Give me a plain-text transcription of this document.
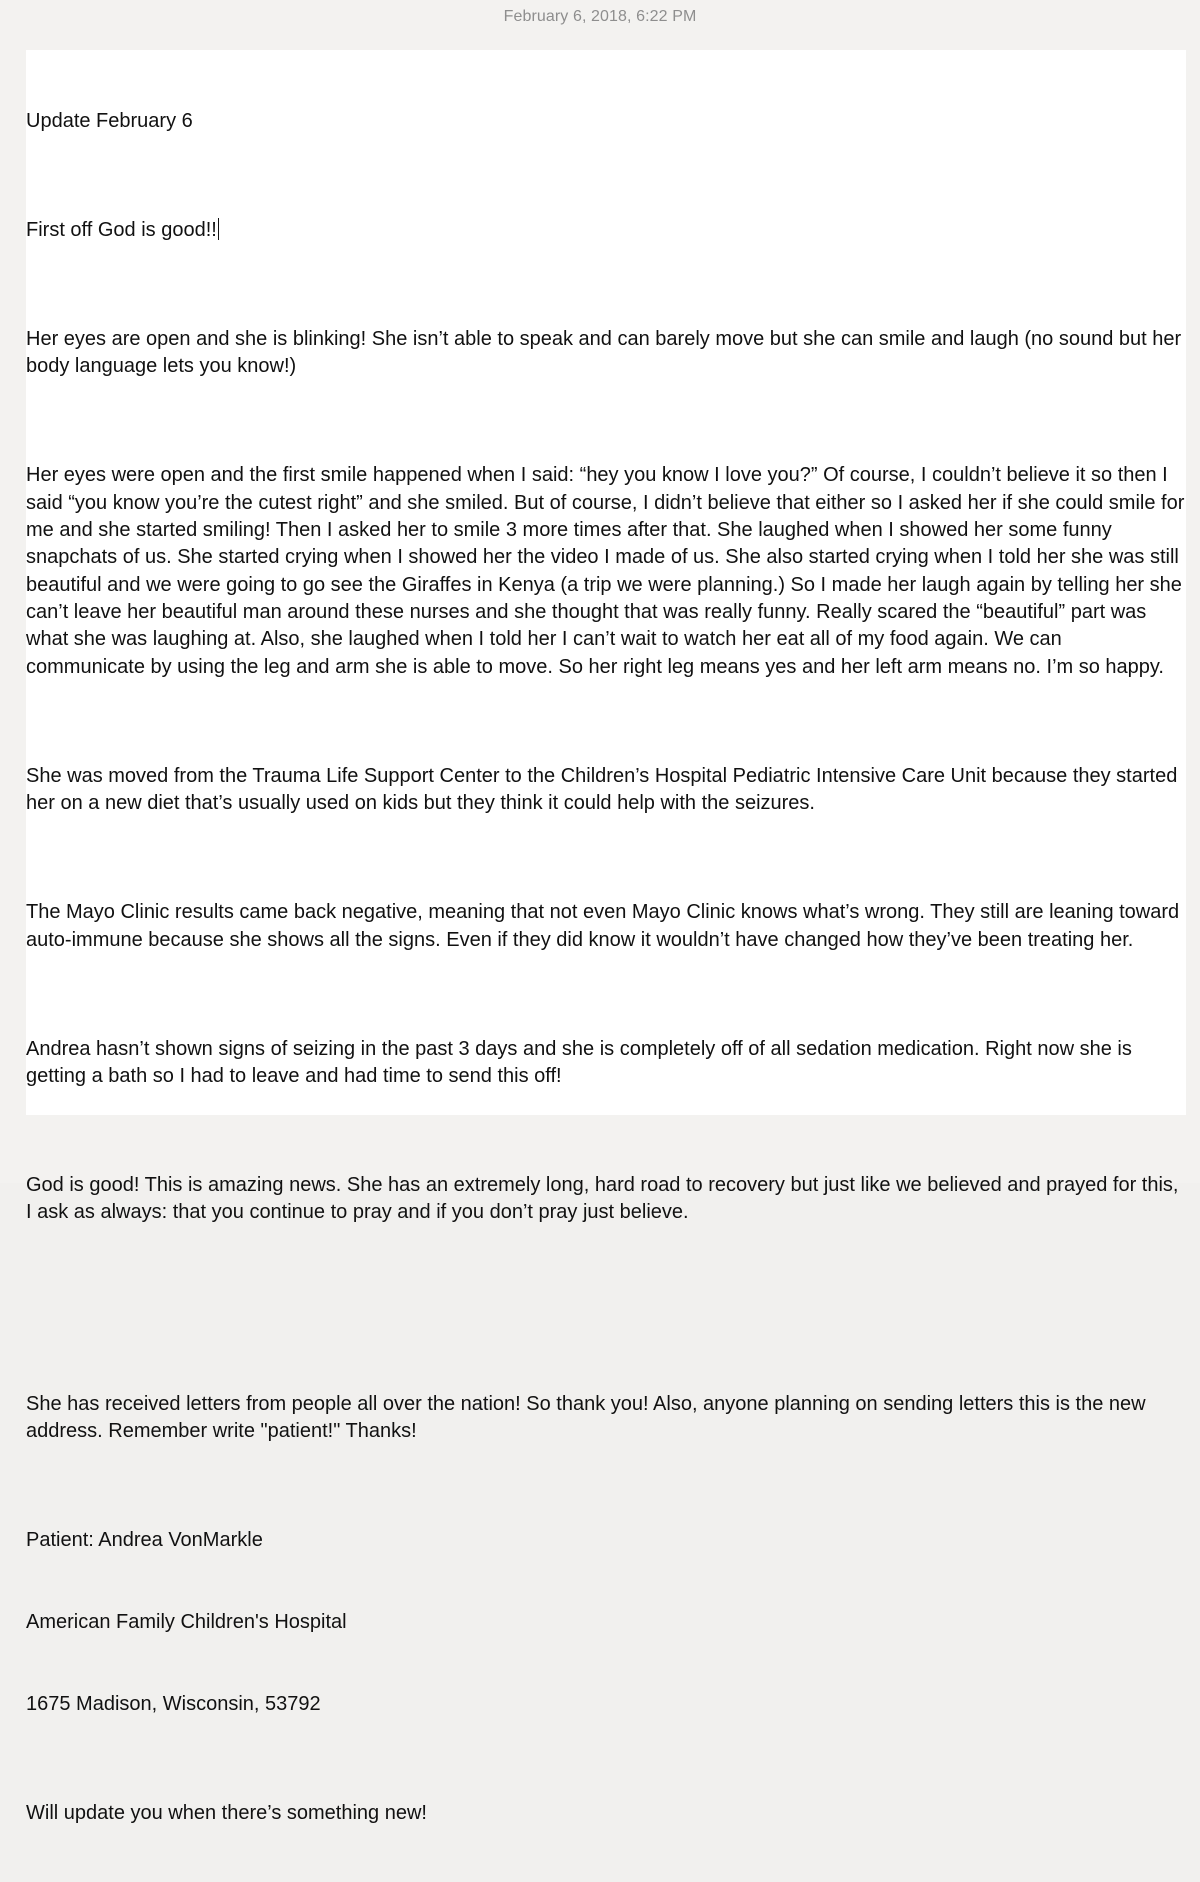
February 6, 2018, 6:22 PM

Update February 6

First off God is good!!

Her eyes are open and she is blinking! She isn’t able to speak and can barely move but she can smile and laugh (no sound but her body language lets you know!)

Her eyes were open and the first smile happened when I said: “hey you know I love you?” Of course, I couldn’t believe it so then I said “you know you’re the cutest right” and she smiled. But of course, I didn’t believe that either so I asked her if she could smile for me and she started smiling! Then I asked her to smile 3 more times after that. She laughed when I showed her some funny snapchats of us. She started crying when I showed her the video I made of us. She also started crying when I told her she was still beautiful and we were going to go see the Giraffes in Kenya (a trip we were planning.) So I made her laugh again by telling her she can’t leave her beautiful man around these nurses and she thought that was really funny. Really scared the “beautiful” part was what she was laughing at. Also, she laughed when I told her I can’t wait to watch her eat all of my food again. We can communicate by using the leg and arm she is able to move. So her right leg means yes and her left arm means no. I’m so happy.

She was moved from the Trauma Life Support Center to the Children’s Hospital Pediatric Intensive Care Unit because they started her on a new diet that’s usually used on kids but they think it could help with the seizures.

The Mayo Clinic results came back negative, meaning that not even Mayo Clinic knows what’s wrong. They still are leaning toward auto-immune because she shows all the signs. Even if they did know it wouldn’t have changed how they’ve been treating her.

Andrea hasn’t shown signs of seizing in the past 3 days and she is completely off of all sedation medication. Right now she is getting a bath so I had to leave and had time to send this off!

God is good! This is amazing news. She has an extremely long, hard road to recovery but just like we believed and prayed for this, I ask as always: that you continue to pray and if you don’t pray just believe.

She has received letters from people all over the nation! So thank you! Also, anyone planning on sending letters this is the new address. Remember write "patient!" Thanks!

Patient: Andrea VonMarkle

American Family Children's Hospital

1675 Madison, Wisconsin, 53792

Will update you when there’s something new!
